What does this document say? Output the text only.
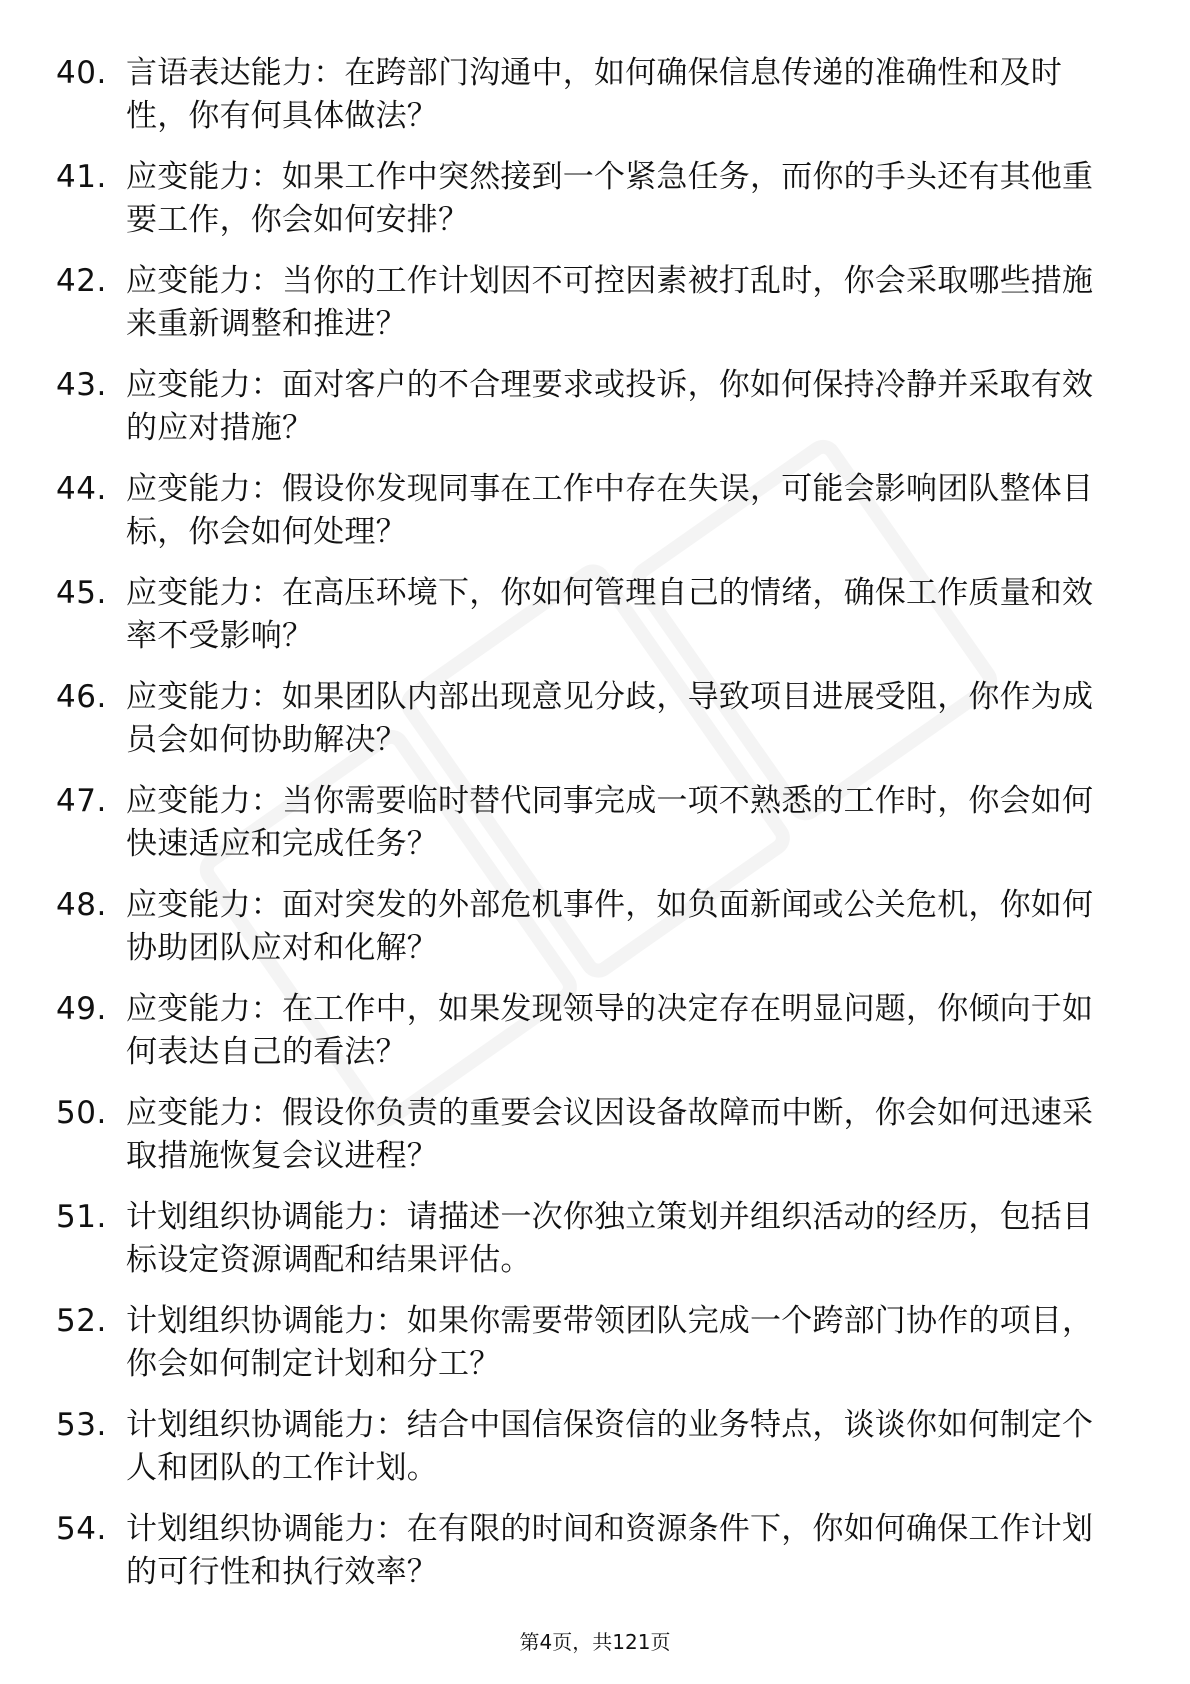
40. 言语表达能力：在跨部门沟通中，如何确保信息传递的准确性和及时性，你有何具体做法？
41. 应变能力：如果工作中突然接到一个紧急任务，而你的手头还有其他重要工作，你会如何安排？
42. 应变能力：当你的工作计划因不可控因素被打乱时，你会采取哪些措施来重新调整和推进？
43. 应变能力：面对客户的不合理要求或投诉，你如何保持冷静并采取有效的应对措施？
44. 应变能力：假设你发现同事在工作中存在失误，可能会影响团队整体目标，你会如何处理？
45. 应变能力：在高压环境下，你如何管理自己的情绪，确保工作质量和效率不受影响？
46. 应变能力：如果团队内部出现意见分歧，导致项目进展受阻，你作为成员会如何协助解决？
47. 应变能力：当你需要临时替代同事完成一项不熟悉的工作时，你会如何快速适应和完成任务？
48. 应变能力：面对突发的外部危机事件，如负面新闻或公关危机，你如何协助团队应对和化解？
49. 应变能力：在工作中，如果发现领导的决定存在明显问题，你倾向于如何表达自己的看法？
50. 应变能力：假设你负责的重要会议因设备故障而中断，你会如何迅速采取措施恢复会议进程？
51. 计划组织协调能力：请描述一次你独立策划并组织活动的经历，包括目标设定资源调配和结果评估。
52. 计划组织协调能力：如果你需要带领团队完成一个跨部门协作的项目，你会如何制定计划和分工？
53. 计划组织协调能力：结合中国信保资信的业务特点，谈谈你如何制定个人和团队的工作计划。
54. 计划组织协调能力：在有限的时间和资源条件下，你如何确保工作计划的可行性和执行效率？
第4页，共121页
